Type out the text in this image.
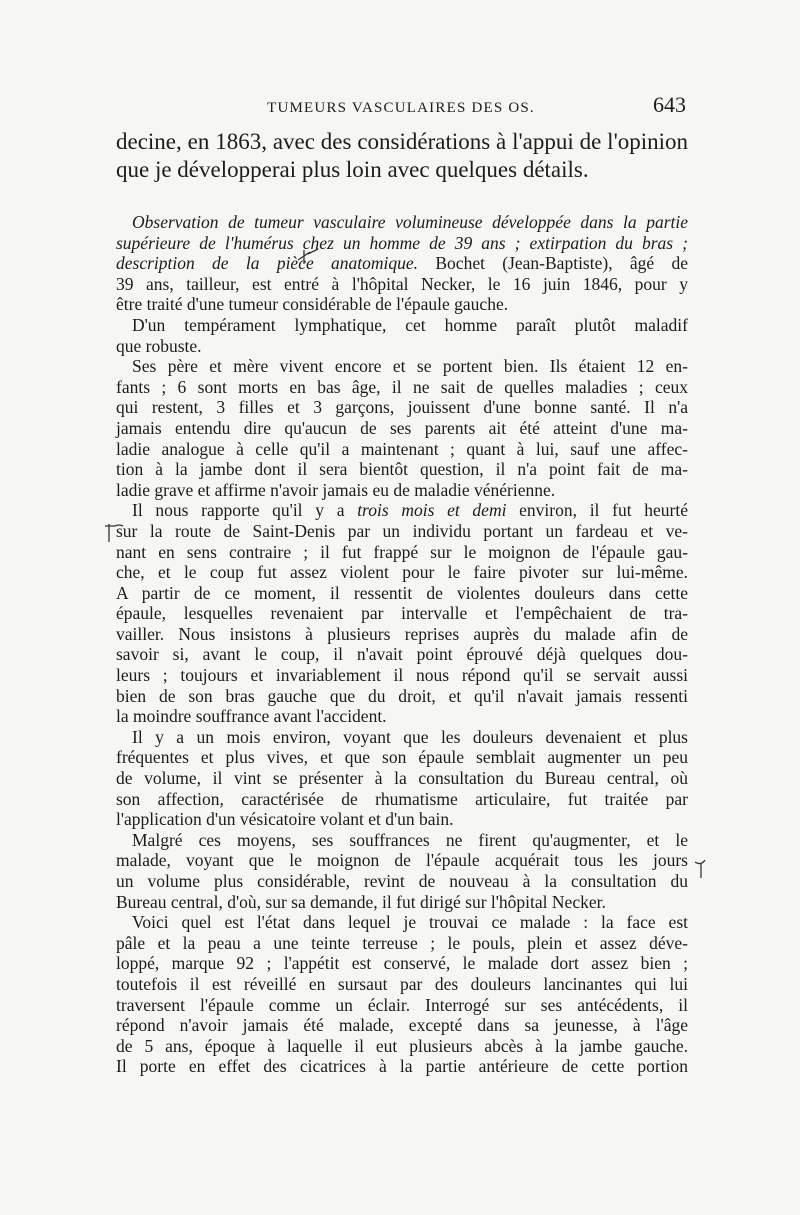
TUMEURS VASCULAIRES DES OS.	643

decine, en 1863, avec des considérations à l'appui de l'opinion

que je développerai plus loin avec quelques détails.

Observation de tumeur vasculaire volumineuse développée dans la partie

supérieure de l'humérus chez un homme de 39 ans ; extirpation du bras ;

description de la pièce anatomique. Bochet (Jean-Baptiste), âgé de

39 ans, tailleur, est entré à l'hôpital Necker, le 16 juin 1846, pour y

être traité d'une tumeur considérable de l'épaule gauche.

D'un tempérament lymphatique, cet homme paraît plutôt maladif

que robuste.

Ses père et mère vivent encore et se portent bien. Ils étaient 12 en-

fants ; 6 sont morts en bas âge, il ne sait de quelles maladies ; ceux

qui restent, 3 filles et 3 garçons, jouissent d'une bonne santé. Il n'a

jamais entendu dire qu'aucun de ses parents ait été atteint d'une ma-

ladie analogue à celle qu'il a maintenant ; quant à lui, sauf une affec-

tion à la jambe dont il sera bientôt question, il n'a point fait de ma-

ladie grave et affirme n'avoir jamais eu de maladie vénérienne.

Il nous rapporte qu'il y a trois mois et demi environ, il fut heurté

sur la route de Saint-Denis par un individu portant un fardeau et ve-

nant en sens contraire ; il fut frappé sur le moignon de l'épaule gau-

che, et le coup fut assez violent pour le faire pivoter sur lui-même.

A partir de ce moment, il ressentit de violentes douleurs dans cette

épaule, lesquelles revenaient par intervalle et l'empêchaient de tra-

vailler. Nous insistons à plusieurs reprises auprès du malade afin de

savoir si, avant le coup, il n'avait point éprouvé déjà quelques dou-

leurs ; toujours et invariablement il nous répond qu'il se servait aussi

bien de son bras gauche que du droit, et qu'il n'avait jamais ressenti

la moindre souffrance avant l'accident.

Il y a un mois environ, voyant que les douleurs devenaient et plus

fréquentes et plus vives, et que son épaule semblait augmenter un peu

de volume, il vint se présenter à la consultation du Bureau central, où

son affection, caractérisée de rhumatisme articulaire, fut traitée par

l'application d'un vésicatoire volant et d'un bain.

Malgré ces moyens, ses souffrances ne firent qu'augmenter, et le

malade, voyant que le moignon de l'épaule acquérait tous les jours

un volume plus considérable, revint de nouveau à la consultation du

Bureau central, d'où, sur sa demande, il fut dirigé sur l'hôpital Necker.

Voici quel est l'état dans lequel je trouvai ce malade : la face est

pâle et la peau a une teinte terreuse ; le pouls, plein et assez déve-

loppé, marque 92 ; l'appétit est conservé, le malade dort assez bien ;

toutefois il est réveillé en sursaut par des douleurs lancinantes qui lui

traversent l'épaule comme un éclair. Interrogé sur ses antécédents, il

répond n'avoir jamais été malade, excepté dans sa jeunesse, à l'âge

de 5 ans, époque à laquelle il eut plusieurs abcès à la jambe gauche.

Il porte en effet des cicatrices à la partie antérieure de cette portion
